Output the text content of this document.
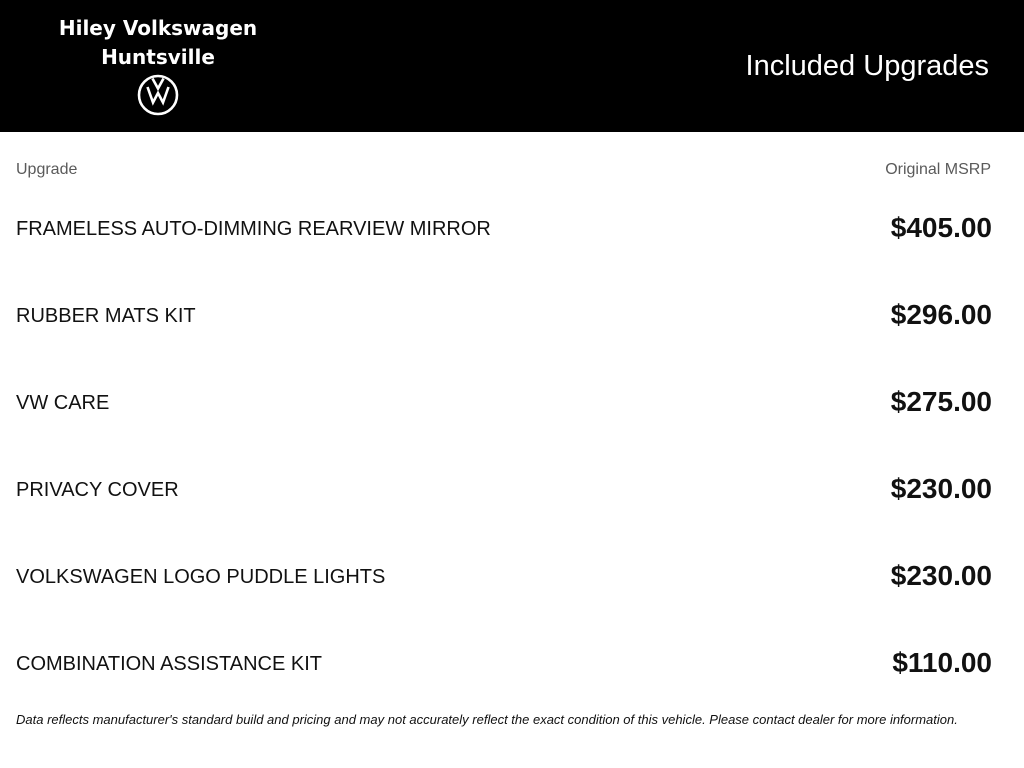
Hiley Volkswagen
Huntsville	Included Upgrades
Upgrade	Original MSRP
FRAMELESS AUTO-DIMMING REARVIEW MIRROR	$405.00
RUBBER MATS KIT	$296.00
VW CARE	$275.00
PRIVACY COVER	$230.00
VOLKSWAGEN LOGO PUDDLE LIGHTS	$230.00
COMBINATION ASSISTANCE KIT	$110.00
Data reflects manufacturer's standard build and pricing and may not accurately reflect the exact condition of this vehicle. Please contact dealer for more information.
